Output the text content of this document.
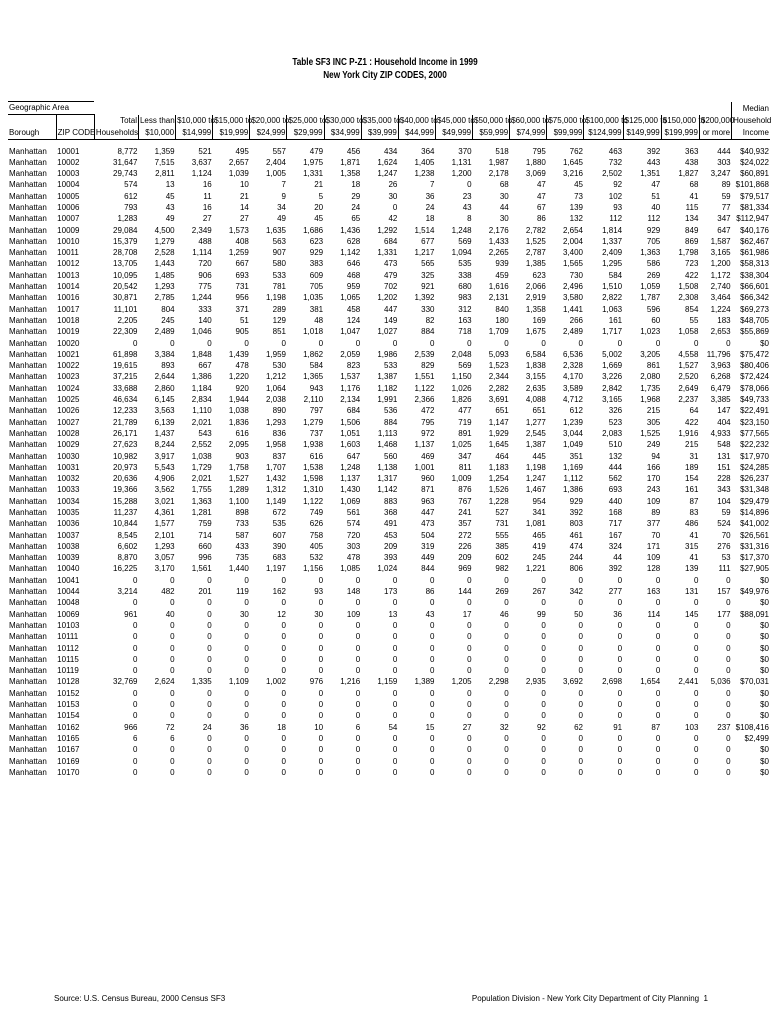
Table SF3 INC P-Z1 : Household Income in 1999
New York City ZIP CODES, 2000
Geographic Area																			Median
		Total	Less than	$10,000 to	$15,000 to	$20,000 to	$25,000 to	$30,000 to	$35,000 to	$40,000 to	$45,000 to	$50,000 to	$60,000 to	$75,000 to	$100,000 to	$125,000 to	$150,000 to	$200,000	Household
Borough	ZIP CODE	Households	$10,000	$14,999	$19,999	$24,999	$29,999	$34,999	$39,999	$44,999	$49,999	$59,999	$74,999	$99,999	$124,999	$149,999	$199,999	or more	Income
Manhattan	10001	8,772	1,359	521	495	557	479	456	434	364	370	518	795	762	463	392	363	444	$40,932
Manhattan	10002	31,647	7,515	3,637	2,657	2,404	1,975	1,871	1,624	1,405	1,131	1,987	1,880	1,645	732	443	438	303	$24,022
Manhattan	10003	29,743	2,811	1,124	1,039	1,005	1,331	1,358	1,247	1,238	1,200	2,178	3,069	3,216	2,502	1,351	1,827	3,247	$60,891
Manhattan	10004	574	13	16	10	7	21	18	26	7	0	68	47	45	92	47	68	89	$101,868
Manhattan	10005	612	45	11	21	9	5	29	30	36	23	30	47	73	102	51	41	59	$79,517
Manhattan	10006	793	43	16	14	34	20	24	0	24	43	44	67	139	93	40	115	77	$81,334
Manhattan	10007	1,283	49	27	27	49	45	65	42	18	8	30	86	132	112	112	134	347	$112,947
Manhattan	10009	29,084	4,500	2,349	1,573	1,635	1,686	1,436	1,292	1,514	1,248	2,176	2,782	2,654	1,814	929	849	647	$40,176
Manhattan	10010	15,379	1,279	488	408	563	623	628	684	677	569	1,433	1,525	2,004	1,337	705	869	1,587	$62,467
Manhattan	10011	28,708	2,528	1,114	1,259	907	929	1,142	1,331	1,217	1,094	2,265	2,787	3,400	2,409	1,363	1,798	3,165	$61,986
Manhattan	10012	13,705	1,443	720	667	580	383	646	473	565	535	939	1,385	1,565	1,295	586	723	1,200	$58,313
Manhattan	10013	10,095	1,485	906	693	533	609	468	479	325	338	459	623	730	584	269	422	1,172	$38,304
Manhattan	10014	20,542	1,293	775	731	781	705	959	702	921	680	1,616	2,066	2,496	1,510	1,059	1,508	2,740	$66,601
Manhattan	10016	30,871	2,785	1,244	956	1,198	1,035	1,065	1,202	1,392	983	2,131	2,919	3,580	2,822	1,787	2,308	3,464	$66,342
Manhattan	10017	11,101	804	333	371	289	381	458	447	330	312	840	1,358	1,441	1,063	596	854	1,224	$69,273
Manhattan	10018	2,205	245	140	51	129	48	124	149	82	163	180	169	266	161	60	55	183	$48,705
Manhattan	10019	22,309	2,489	1,046	905	851	1,018	1,047	1,027	884	718	1,709	1,675	2,489	1,717	1,023	1,058	2,653	$55,869
Manhattan	10020	0	0	0	0	0	0	0	0	0	0	0	0	0	0	0	0	0	$0
Manhattan	10021	61,898	3,384	1,848	1,439	1,959	1,862	2,059	1,986	2,539	2,048	5,093	6,584	6,536	5,002	3,205	4,558	11,796	$75,472
Manhattan	10022	19,615	893	667	478	530	584	823	533	829	569	1,523	1,838	2,328	1,669	861	1,527	3,963	$80,406
Manhattan	10023	37,215	2,644	1,386	1,220	1,212	1,365	1,537	1,387	1,551	1,150	2,344	3,155	4,170	3,226	2,080	2,520	6,268	$72,424
Manhattan	10024	33,688	2,860	1,184	920	1,064	943	1,176	1,182	1,122	1,026	2,282	2,635	3,589	2,842	1,735	2,649	6,479	$78,066
Manhattan	10025	46,634	6,145	2,834	1,944	2,038	2,110	2,134	1,991	2,366	1,826	3,691	4,088	4,712	3,165	1,968	2,237	3,385	$49,733
Manhattan	10026	12,233	3,563	1,110	1,038	890	797	684	536	472	477	651	651	612	326	215	64	147	$22,491
Manhattan	10027	21,789	6,139	2,021	1,836	1,293	1,279	1,506	884	795	719	1,147	1,277	1,239	523	305	422	404	$23,150
Manhattan	10028	26,171	1,437	543	616	836	737	1,051	1,113	972	891	1,929	2,545	3,044	2,083	1,525	1,916	4,933	$77,565
Manhattan	10029	27,623	8,244	2,552	2,095	1,958	1,938	1,603	1,468	1,137	1,025	1,645	1,387	1,049	510	249	215	548	$22,232
Manhattan	10030	10,982	3,917	1,038	903	837	616	647	560	469	347	464	445	351	132	94	31	131	$17,970
Manhattan	10031	20,973	5,543	1,729	1,758	1,707	1,538	1,248	1,138	1,001	811	1,183	1,198	1,169	444	166	189	151	$24,285
Manhattan	10032	20,636	4,906	2,021	1,527	1,432	1,598	1,137	1,317	960	1,009	1,254	1,247	1,112	562	170	154	228	$26,237
Manhattan	10033	19,366	3,562	1,755	1,289	1,312	1,310	1,430	1,142	871	876	1,526	1,467	1,386	693	243	161	343	$31,348
Manhattan	10034	15,288	3,021	1,363	1,100	1,149	1,122	1,069	883	963	767	1,228	954	929	440	109	87	104	$29,479
Manhattan	10035	11,237	4,361	1,281	898	672	749	561	368	447	241	527	341	392	168	89	83	59	$14,896
Manhattan	10036	10,844	1,577	759	733	535	626	574	491	473	357	731	1,081	803	717	377	486	524	$41,002
Manhattan	10037	8,545	2,101	714	587	607	758	720	453	504	272	555	465	461	167	70	41	70	$26,561
Manhattan	10038	6,602	1,293	660	433	390	405	303	209	319	226	385	419	474	324	171	315	276	$31,316
Manhattan	10039	8,870	3,057	996	735	683	532	478	393	449	209	602	245	244	44	109	41	53	$17,370
Manhattan	10040	16,225	3,170	1,561	1,440	1,197	1,156	1,085	1,024	844	969	982	1,221	806	392	128	139	111	$27,905
Manhattan	10041	0	0	0	0	0	0	0	0	0	0	0	0	0	0	0	0	0	$0
Manhattan	10044	3,214	482	201	119	162	93	148	173	86	144	269	267	342	277	163	131	157	$49,976
Manhattan	10048	0	0	0	0	0	0	0	0	0	0	0	0	0	0	0	0	0	$0
Manhattan	10069	961	40	0	30	12	30	109	13	43	17	46	99	50	36	114	145	177	$88,091
Manhattan	10103	0	0	0	0	0	0	0	0	0	0	0	0	0	0	0	0	0	$0
Manhattan	10111	0	0	0	0	0	0	0	0	0	0	0	0	0	0	0	0	0	$0
Manhattan	10112	0	0	0	0	0	0	0	0	0	0	0	0	0	0	0	0	0	$0
Manhattan	10115	0	0	0	0	0	0	0	0	0	0	0	0	0	0	0	0	0	$0
Manhattan	10119	0	0	0	0	0	0	0	0	0	0	0	0	0	0	0	0	0	$0
Manhattan	10128	32,769	2,624	1,335	1,109	1,002	976	1,216	1,159	1,389	1,205	2,298	2,935	3,692	2,698	1,654	2,441	5,036	$70,031
Manhattan	10152	0	0	0	0	0	0	0	0	0	0	0	0	0	0	0	0	0	$0
Manhattan	10153	0	0	0	0	0	0	0	0	0	0	0	0	0	0	0	0	0	$0
Manhattan	10154	0	0	0	0	0	0	0	0	0	0	0	0	0	0	0	0	0	$0
Manhattan	10162	966	72	24	36	18	10	6	54	15	27	32	92	62	91	87	103	237	$108,416
Manhattan	10165	6	6	0	0	0	0	0	0	0	0	0	0	0	0	0	0	0	$2,499
Manhattan	10167	0	0	0	0	0	0	0	0	0	0	0	0	0	0	0	0	0	$0
Manhattan	10169	0	0	0	0	0	0	0	0	0	0	0	0	0	0	0	0	0	$0
Manhattan	10170	0	0	0	0	0	0	0	0	0	0	0	0	0	0	0	0	0	$0
Source: U.S. Census Bureau, 2000 Census SF3	Population Division - New York City Department of City Planning 1
